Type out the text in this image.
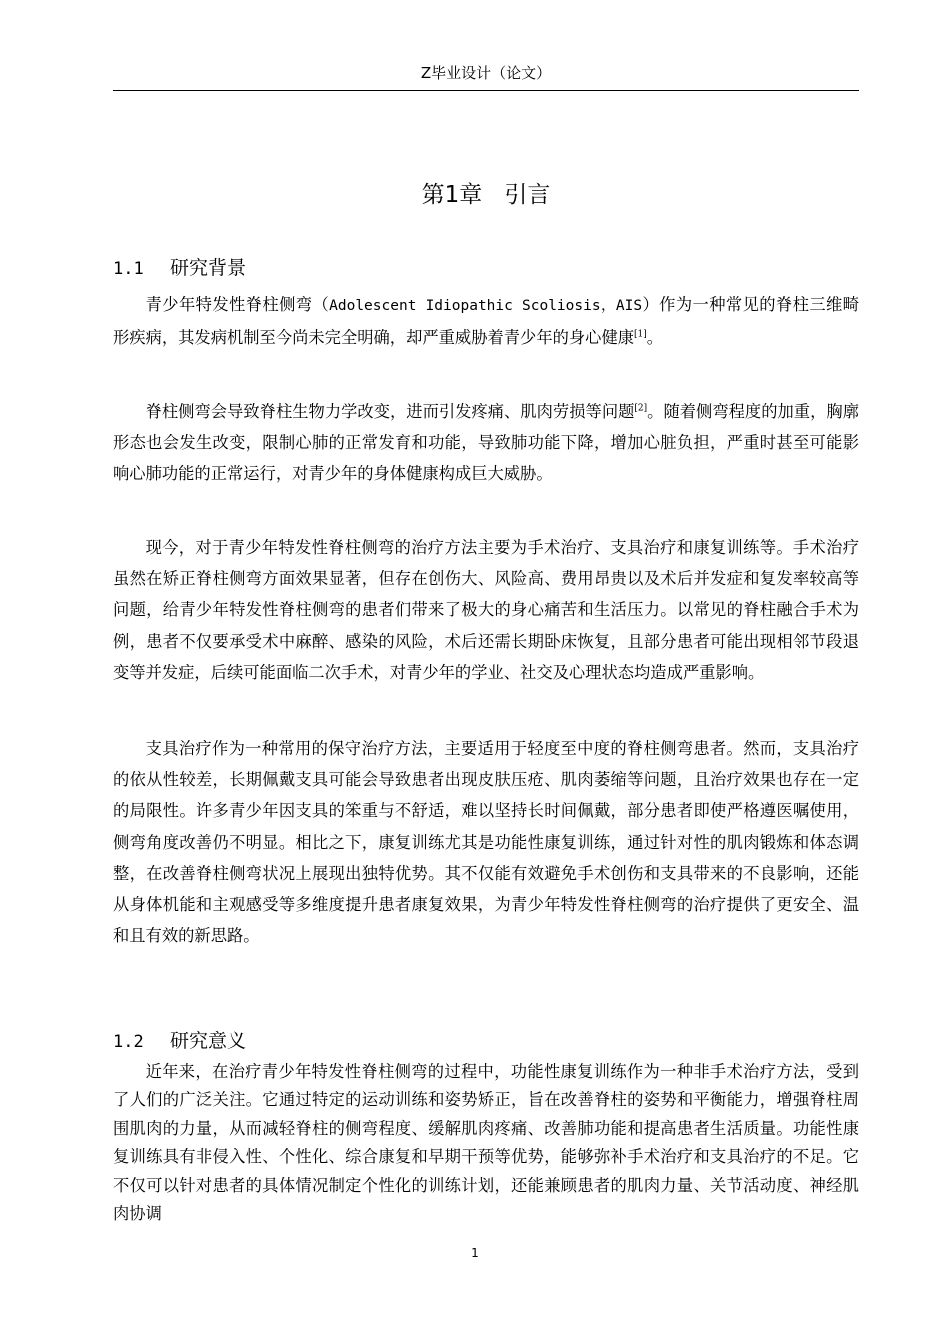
Z毕业设计（论文）
第1章 引言
1.1 研究背景

青少年特发性脊柱侧弯（Adolescent Idiopathic Scoliosis，AIS）作为一种常见的脊柱三维畸形疾病，其发病机制至今尚未完全明确，却严重威胁着青少年的身心健康[1]。

脊柱侧弯会导致脊柱生物力学改变，进而引发疼痛、肌肉劳损等问题[2]。随着侧弯程度的加重，胸廓形态也会发生改变，限制心肺的正常发育和功能，导致肺功能下降，增加心脏负担，严重时甚至可能影响心肺功能的正常运行，对青少年的身体健康构成巨大威胁。

现今，对于青少年特发性脊柱侧弯的治疗方法主要为手术治疗、支具治疗和康复训练等。手术治疗虽然在矫正脊柱侧弯方面效果显著，但存在创伤大、风险高、费用昂贵以及术后并发症和复发率较高等问题，给青少年特发性脊柱侧弯的患者们带来了极大的身心痛苦和生活压力。以常见的脊柱融合手术为例，患者不仅要承受术中麻醉、感染的风险，术后还需长期卧床恢复，且部分患者可能出现相邻节段退变等并发症，后续可能面临二次手术，对青少年的学业、社交及心理状态均造成严重影响。

支具治疗作为一种常用的保守治疗方法，主要适用于轻度至中度的脊柱侧弯患者。然而，支具治疗的依从性较差，长期佩戴支具可能会导致患者出现皮肤压疮、肌肉萎缩等问题，且治疗效果也存在一定的局限性。许多青少年因支具的笨重与不舒适，难以坚持长时间佩戴，部分患者即使严格遵医嘱使用，侧弯角度改善仍不明显。相比之下，康复训练尤其是功能性康复训练，通过针对性的肌肉锻炼和体态调整，在改善脊柱侧弯状况上展现出独特优势。其不仅能有效避免手术创伤和支具带来的不良影响，还能从身体机能和主观感受等多维度提升患者康复效果，为青少年特发性脊柱侧弯的治疗提供了更安全、温和且有效的新思路。

1.2 研究意义

近年来，在治疗青少年特发性脊柱侧弯的过程中，功能性康复训练作为一种非手术治疗方法，受到了人们的广泛关注。它通过特定的运动训练和姿势矫正，旨在改善脊柱的姿势和平衡能力，增强脊柱周围肌肉的力量，从而减轻脊柱的侧弯程度、缓解肌肉疼痛、改善肺功能和提高患者生活质量。功能性康复训练具有非侵入性、个性化、综合康复和早期干预等优势，能够弥补手术治疗和支具治疗的不足。它不仅可以针对患者的具体情况制定个性化的训练计划，还能兼顾患者的肌肉力量、关节活动度、神经肌肉协调

1
